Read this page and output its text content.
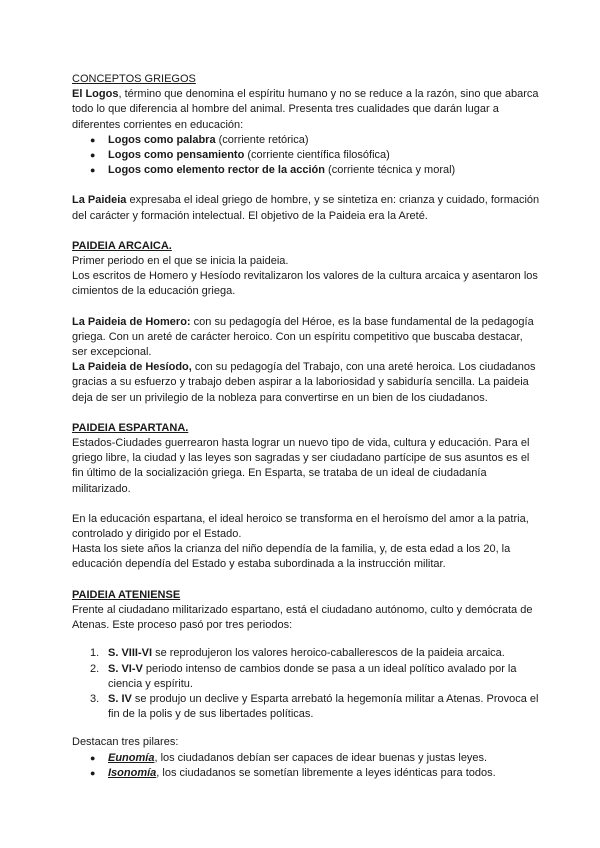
CONCEPTOS GRIEGOS

El Logos, término que denomina el espíritu humano y no se reduce a la razón, sino que abarca todo lo que diferencia al hombre del animal. Presenta tres cualidades que darán lugar a diferentes corrientes en educación:

● Logos como palabra (corriente retórica)
● Logos como pensamiento (corriente científica filosófica)
● Logos como elemento rector de la acción (corriente técnica y moral)

La Paideia expresaba el ideal griego de hombre, y se sintetiza en: crianza y cuidado, formación del carácter y formación intelectual. El objetivo de la Paideia era la Areté.

PAIDEIA ARCAICA.

Primer periodo en el que se inicia la paideia.

Los escritos de Homero y Hesíodo revitalizaron los valores de la cultura arcaica y asentaron los cimientos de la educación griega.

La Paideia de Homero: con su pedagogía del Héroe, es la base fundamental de la pedagogía griega. Con un areté de carácter heroico. Con un espíritu competitivo que buscaba destacar, ser excepcional.

La Paideia de Hesíodo, con su pedagogía del Trabajo, con una areté heroica. Los ciudadanos gracias a su esfuerzo y trabajo deben aspirar a la laboriosidad y sabiduría sencilla. La paideia deja de ser un privilegio de la nobleza para convertirse en un bien de los ciudadanos.

PAIDEIA ESPARTANA.

Estados-Ciudades guerrearon hasta lograr un nuevo tipo de vida, cultura y educación. Para el griego libre, la ciudad y las leyes son sagradas y ser ciudadano partícipe de sus asuntos es el fin último de la socialización griega. En Esparta, se trataba de un ideal de ciudadanía militarizado.

En la educación espartana, el ideal heroico se transforma en el heroísmo del amor a la patria, controlado y dirigido por el Estado.

Hasta los siete años la crianza del niño dependía de la familia, y, de esta edad a los 20, la educación dependía del Estado y estaba subordinada a la instrucción militar.

PAIDEIA ATENIENSE

Frente al ciudadano militarizado espartano, está el ciudadano autónomo, culto y demócrata de Atenas. Este proceso pasó por tres periodos:

1. S. VIII-VI se reprodujeron los valores heroico-caballerescos de la paideia arcaica.
2. S. VI-V periodo intenso de cambios donde se pasa a un ideal político avalado por la ciencia y espíritu.
3. S. IV se produjo un declive y Esparta arrebató la hegemonía militar a Atenas. Provoca el fin de la polis y de sus libertades políticas.

Destacan tres pilares:

● Eunomía, los ciudadanos debían ser capaces de idear buenas y justas leyes.
● Isonomía, los ciudadanos se sometían libremente a leyes idénticas para todos.
